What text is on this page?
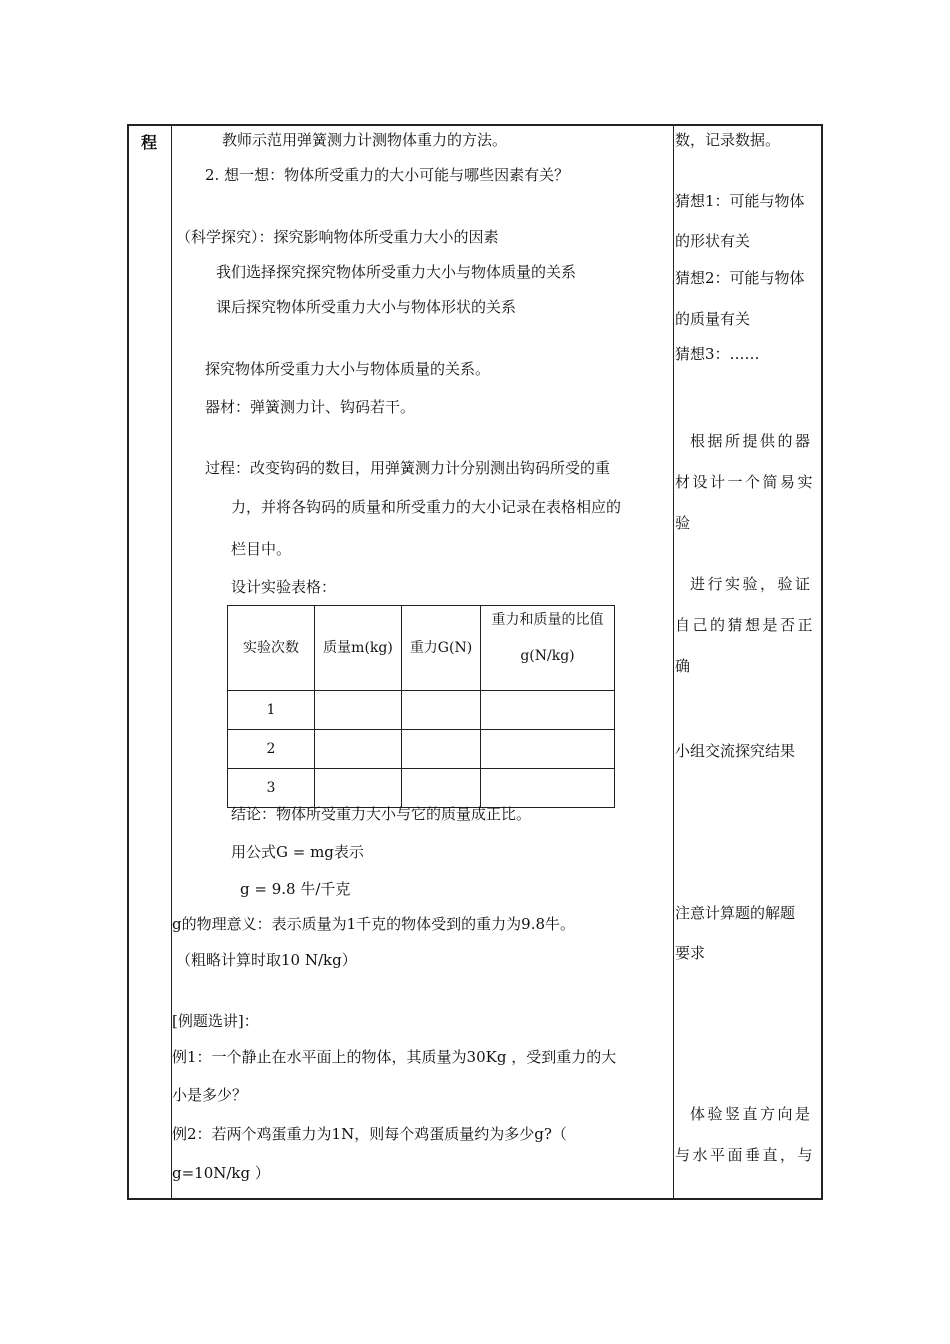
程	教师示范用弹簧测力计测物体重力的方法。
2. 想一想：物体所受重力的大小可能与哪些因素有关？
（科学探究）：探究影响物体所受重力大小的因素
我们选择探究探究物体所受重力大小与物体质量的关系
课后探究物体所受重力大小与物体形状的关系
探究物体所受重力大小与物体质量的关系。
器材：弹簧测力计、钩码若干。
过程：改变钩码的数目，用弹簧测力计分别测出钩码所受的重
力，并将各钩码的质量和所受重力的大小记录在表格相应的
栏目中。
设计实验表格：
实验次数	质量m(kg)	重力G(N)	重力和质量的比值
g(N/kg)

1			
2			
3			
结论：物体所受重力大小与它的质量成正比。
用公式G = mg表示
g = 9.8 牛/千克
g的物理意义：表示质量为1千克的物体受到的重力为9.8牛。
（粗略计算时取10 N/kg）
[例题选讲]：
例1：一个静止在水平面上的物体，其质量为30Kg ，受到重力的大
小是多少？
例2：若两个鸡蛋重力为1N，则每个鸡蛋质量约为多少g?（
g=10N/kg ）
数，记录数据。
猜想1：可能与物体
的形状有关
猜想2：可能与物体
的质量有关
猜想3：……
根据所提供的器
材设计一个简易实
验
进行实验，验证
自己的猜想是否正
确
小组交流探究结果
注意计算题的解题
要求
体验竖直方向是
与水平面垂直，与
